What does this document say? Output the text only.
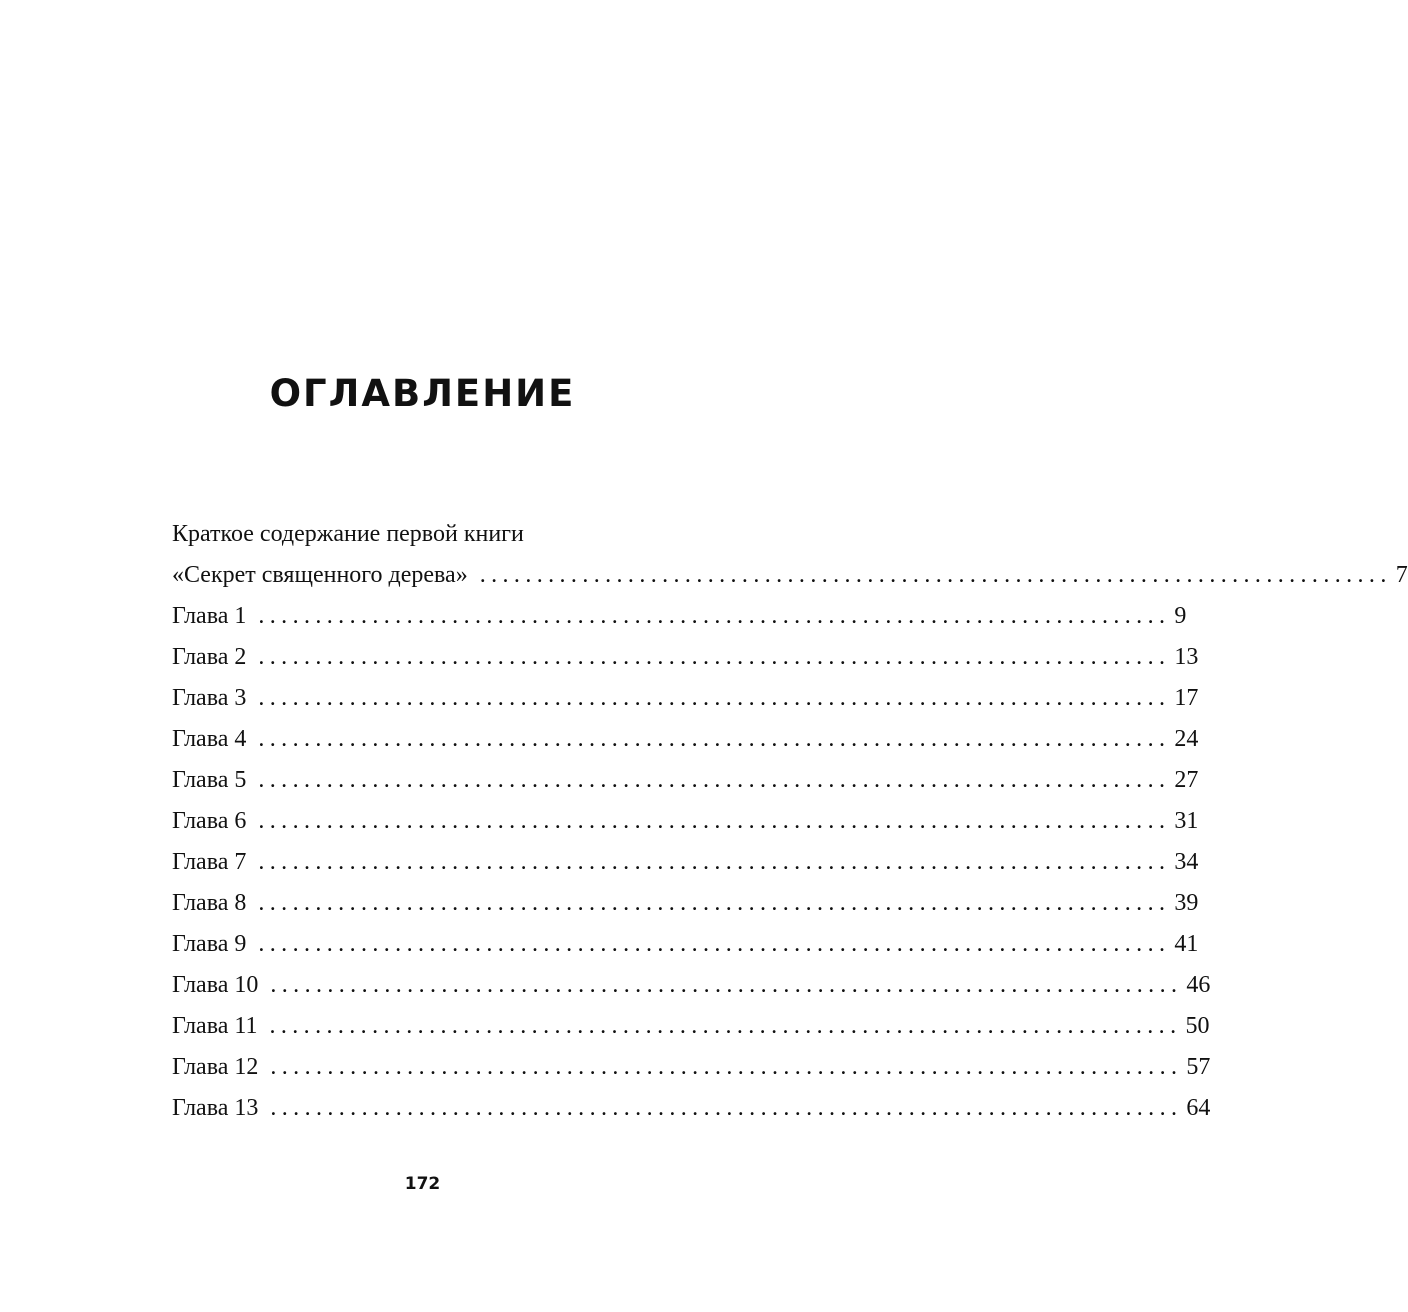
ОГЛАВЛЕНИЕ
Краткое содержание первой книги
«Секрет священного дерева» ................................................................................ 7
Глава 1 ................................................................................ 9
Глава 2 ................................................................................ 13
Глава 3 ................................................................................ 17
Глава 4 ................................................................................ 24
Глава 5 ................................................................................ 27
Глава 6 ................................................................................ 31
Глава 7 ................................................................................ 34
Глава 8 ................................................................................ 39
Глава 9 ................................................................................ 41
Глава 10 ................................................................................ 46
Глава 11 ................................................................................ 50
Глава 12 ................................................................................ 57
Глава 13 ................................................................................ 64
172
